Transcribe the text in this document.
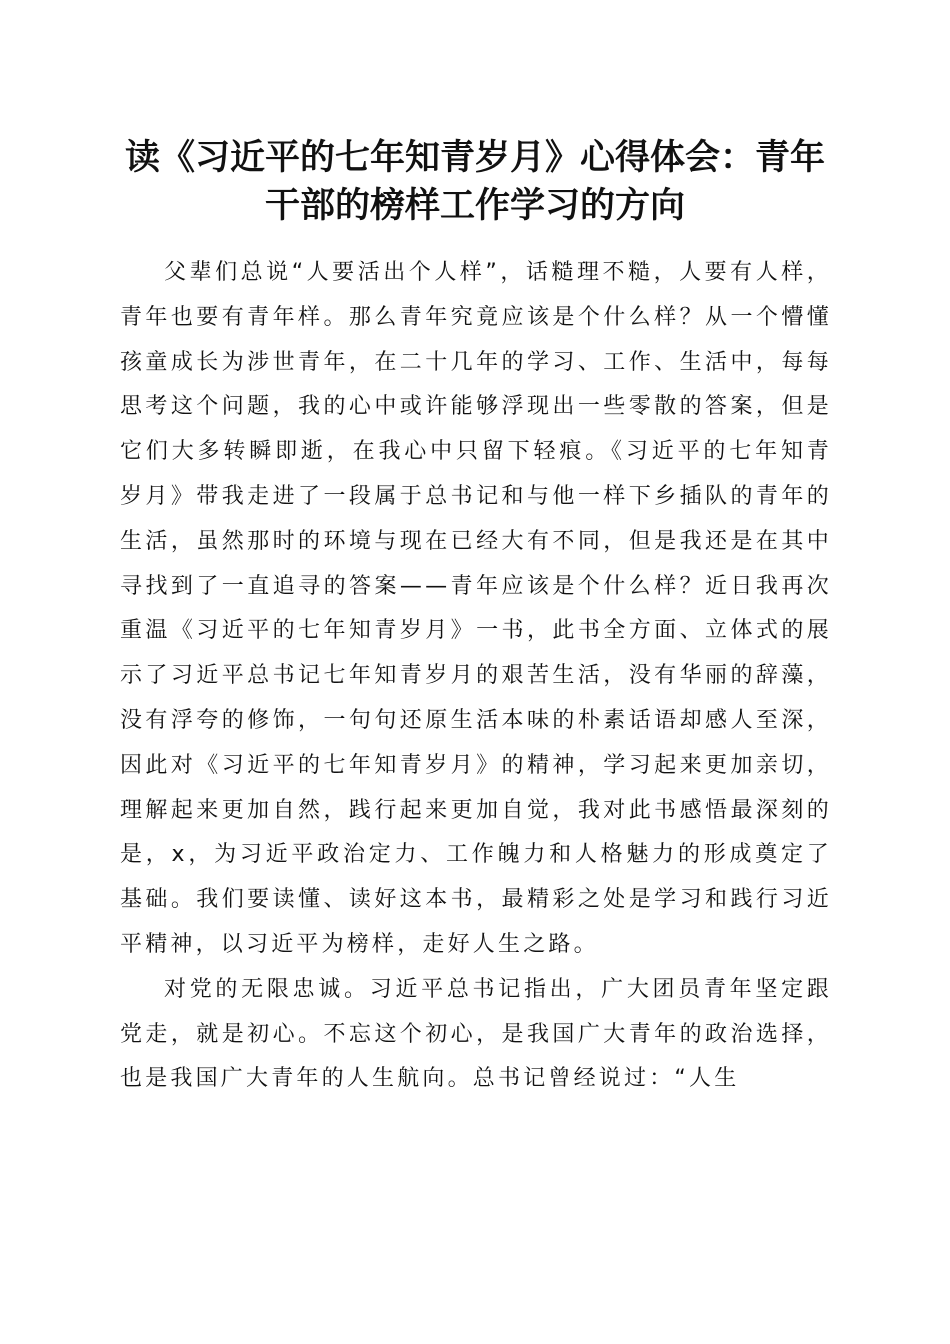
读《习近平的七年知青岁月》心得体会：青年干部的榜样工作学习的方向

父辈们总说“人要活出个人样”，话糙理不糙，人要有人样，青年也要有青年样。那么青年究竟应该是个什么样？从一个懵懂孩童成长为涉世青年，在二十几年的学习、工作、生活中，每每思考这个问题，我的心中或许能够浮现出一些零散的答案，但是它们大多转瞬即逝，在我心中只留下轻痕。《习近平的七年知青岁月》带我走进了一段属于总书记和与他一样下乡插队的青年的生活，虽然那时的环境与现在已经大有不同，但是我还是在其中寻找到了一直追寻的答案——青年应该是个什么样？近日我再次重温《习近平的七年知青岁月》一书，此书全方面、立体式的展示了习近平总书记七年知青岁月的艰苦生活，没有华丽的辞藻，没有浮夸的修饰，一句句还原生活本味的朴素话语却感人至深，因此对《习近平的七年知青岁月》的精神，学习起来更加亲切，理解起来更加自然，践行起来更加自觉，我对此书感悟最深刻的是，x，为习近平政治定力、工作魄力和人格魅力的形成奠定了基础。我们要读懂、读好这本书，最精彩之处是学习和践行习近平精神，以习近平为榜样，走好人生之路。

对党的无限忠诚。习近平总书记指出，广大团员青年坚定跟党走，就是初心。不忘这个初心，是我国广大青年的政治选择，也是我国广大青年的人生航向。总书记曾经说过：“人生
